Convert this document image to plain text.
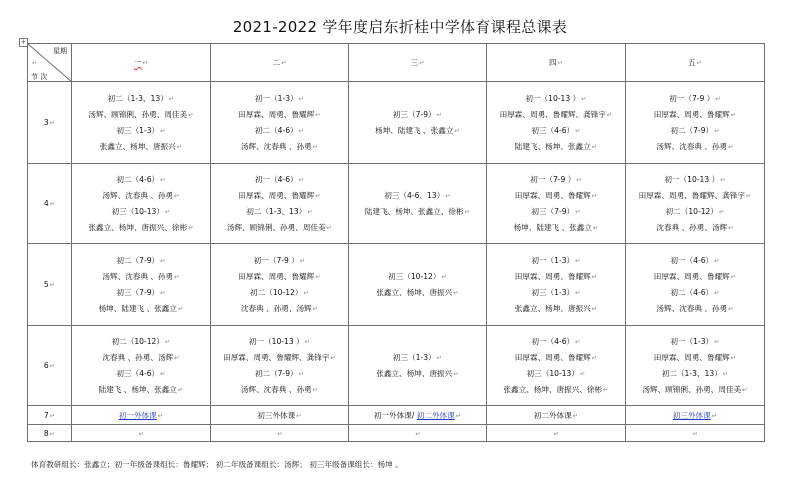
+
2021-2022 学年度启东折桂中学体育课程总课表
星期
↵
节 次	一↵	二↵	三↵	四↵	五↵
3↵	初二（1-3、13）↵
汤辉、顾锦俐、孙勇、周佳美↵
初三（1-3）↵
张鑫立、杨坤、唐振兴↵	初一（1-3）↵
田厚霖、周勇、鲁耀辉↵
初二（4-6）↵
汤辉、沈春典 、孙勇↵	初三（7-9）↵
杨坤、陆建飞 、张鑫立↵	初一（10-13 ）↵
田厚霖、周勇、鲁耀辉、龚锋宇↵
初三（4-6）↵
陆建飞、杨坤、张鑫立↵	初一（7-9 ）↵
田厚霖、周勇、鲁耀辉↵
初二（7-9）↵
汤辉、沈春典 、孙勇↵

4↵	初二（4-6）↵
汤辉、沈春典 、孙勇↵
初三（10-13）↵
张鑫立、杨坤、唐振兴、徐彬↵	初一（4-6）↵
田厚霖、周勇、鲁耀辉↵
初二（1-3、13）↵
汤辉、顾锦俐、孙勇、周佳美↵	初三（4-6、13）↵
陆建飞、杨坤、张鑫立、徐彬↵	初一（7-9 ）↵
田厚霖、周勇、鲁耀辉↵
初三（7-9）↵
杨坤、陆建飞 、张鑫立↵	初一（10-13 ）↵
田厚霖、周勇、鲁耀辉、龚锋宇↵
初二（10-12）↵
沈春典 、孙勇、汤辉↵

5↵	初二（7-9）↵
汤辉、沈春典 、孙勇↵
初三（7-9）↵
杨坤、陆建飞 、张鑫立↵	初一（7-9 ）↵
田厚霖、周勇、鲁耀辉↵
初二（10-12）↵
沈春典 、孙勇、汤辉↵	初三（10-12）↵
张鑫立、杨坤、唐振兴↵	初一（1-3）↵
田厚霖、周勇、鲁耀辉↵
初三（1-3）↵
张鑫立、杨坤、唐振兴↵	初一（4-6）↵
田厚霖、周勇、鲁耀辉↵
初二（4-6）↵
汤辉、沈春典 、孙勇↵

6↵	初二（10-12）↵
沈春典 、孙勇、汤辉↵
初三（4-6）↵
陆建飞 、杨坤、张鑫立↵	初一（10-13 ）↵
田厚霖、周勇、鲁耀辉、龚锋宇↵
初二（7-9）↵
汤辉、沈春典 、孙勇↵	初三（1-3）↵
张鑫立、杨坤、唐振兴↵	初一（4-6）↵
田厚霖、周勇、鲁耀辉↵
初三（10-13）↵
张鑫立、杨坤、唐振兴、徐彬↵	初一（1-3）↵
田厚霖、周勇、鲁耀辉↵
初二（1-3、13）↵
汤辉、顾锦俐、孙勇、周佳美↵

7↵	初一外体课↵	初三外体课↵	初一外体课/ 初二外体课↵	初二外体课↵	初三外体课↵
8↵	↵	↵	↵	↵	↵
体育教研组长：张鑫立；初一年级备课组长：鲁耀辉； 初二年级备课组长：汤辉； 初三年级备课组长：杨坤 。
